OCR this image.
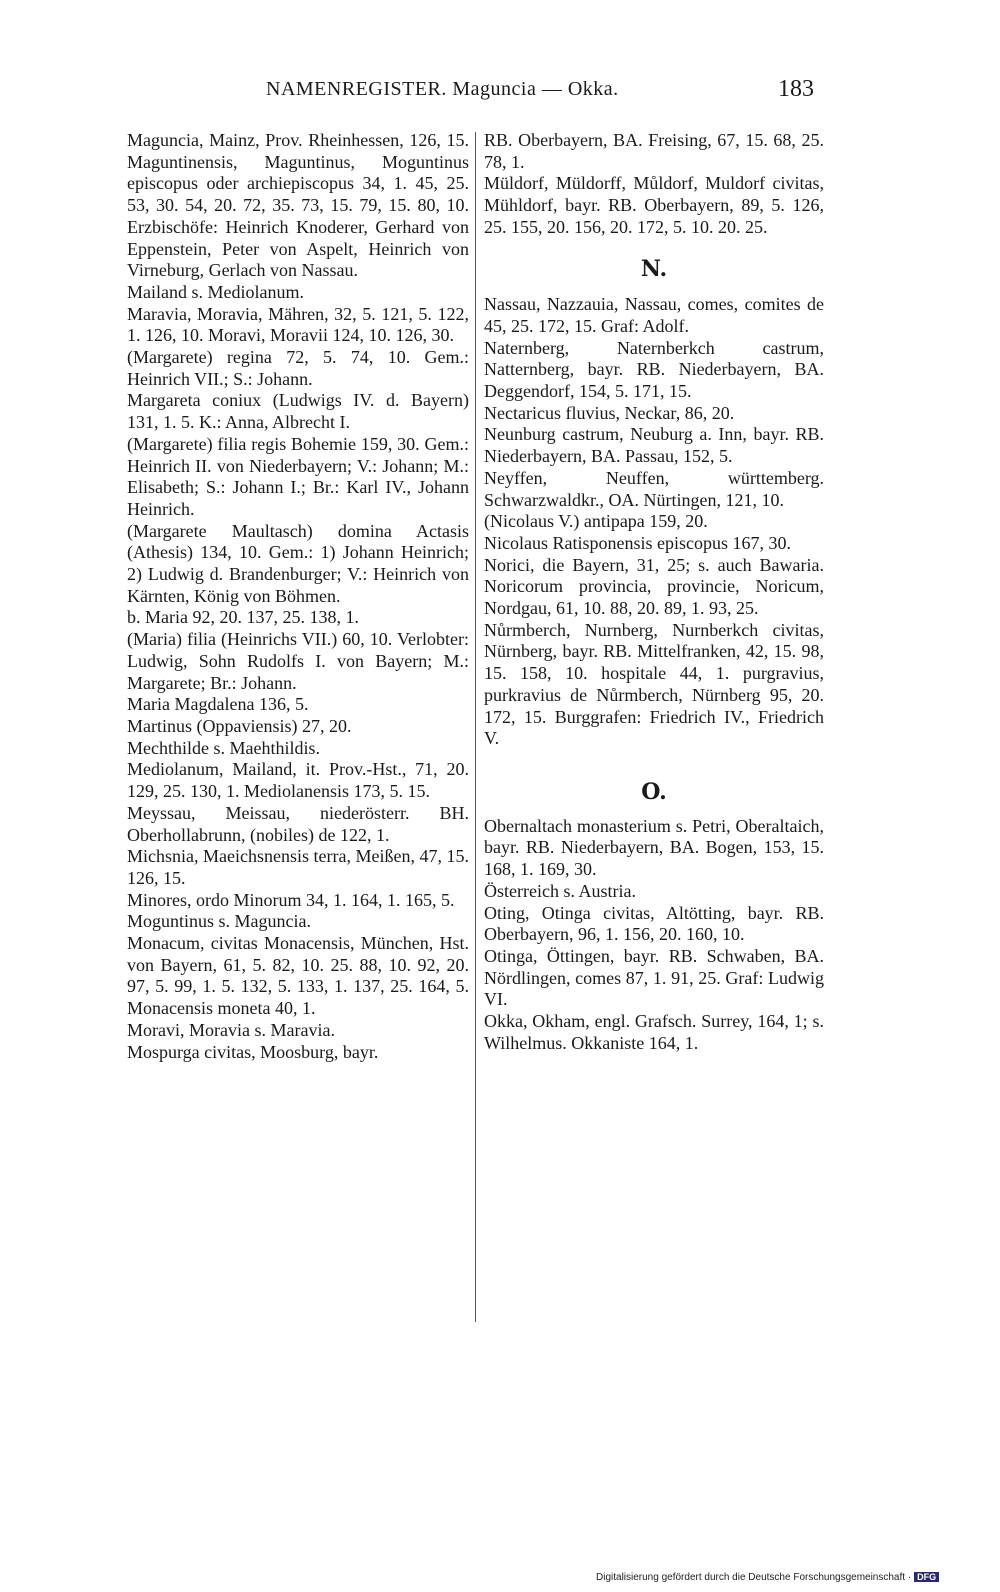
NAMENREGISTER. Maguncia — Okka.	183

Maguncia, Mainz, Prov. Rheinhessen, 126, 15. Maguntinensis, Maguntinus, Moguntinus episcopus oder archiepiscopus 34, 1. 45, 25. 53, 30. 54, 20. 72, 35. 73, 15. 79, 15. 80, 10. Erzbischöfe: Heinrich Knoderer, Gerhard von Eppenstein, Peter von Aspelt, Heinrich von Virneburg, Gerlach von Nassau.

Mailand s. Mediolanum.

Maravia, Moravia, Mähren, 32, 5. 121, 5. 122, 1. 126, 10. Moravi, Moravii 124, 10. 126, 30.

(Margarete) regina 72, 5. 74, 10. Gem.: Heinrich VII.; S.: Johann.

Margareta coniux (Ludwigs IV. d. Bayern) 131, 1. 5. K.: Anna, Albrecht I.

(Margarete) filia regis Bohemie 159, 30. Gem.: Heinrich II. von Niederbayern; V.: Johann; M.: Elisabeth; S.: Johann I.; Br.: Karl IV., Johann Heinrich.

(Margarete Maultasch) domina Actasis (Athesis) 134, 10. Gem.: 1) Johann Heinrich; 2) Ludwig d. Brandenburger; V.: Heinrich von Kärnten, König von Böhmen.

b. Maria 92, 20. 137, 25. 138, 1.

(Maria) filia (Heinrichs VII.) 60, 10. Verlobter: Ludwig, Sohn Rudolfs I. von Bayern; M.: Margarete; Br.: Johann.

Maria Magdalena 136, 5.

Martinus (Oppaviensis) 27, 20.

Mechthilde s. Maehthildis.

Mediolanum, Mailand, it. Prov.-Hst., 71, 20. 129, 25. 130, 1. Mediolanensis 173, 5. 15.

Meyssau, Meissau, niederösterr. BH. Oberhollabrunn, (nobiles) de 122, 1.

Michsnia, Maeichsnensis terra, Meißen, 47, 15. 126, 15.

Minores, ordo Minorum 34, 1. 164, 1. 165, 5.

Moguntinus s. Maguncia.

Monacum, civitas Monacensis, München, Hst. von Bayern, 61, 5. 82, 10. 25. 88, 10. 92, 20. 97, 5. 99, 1. 5. 132, 5. 133, 1. 137, 25. 164, 5. Monacensis moneta 40, 1.

Moravi, Moravia s. Maravia.

Mospurga civitas, Moosburg, bayr.

RB. Oberbayern, BA. Freising, 67, 15. 68, 25. 78, 1.

Müldorf, Müldorff, Můldorf, Muldorf civitas, Mühldorf, bayr. RB. Oberbayern, 89, 5. 126, 25. 155, 20. 156, 20. 172, 5. 10. 20. 25.

N.

Nassau, Nazzauia, Nassau, comes, comites de 45, 25. 172, 15. Graf: Adolf.

Naternberg, Naternberkch castrum, Natternberg, bayr. RB. Niederbayern, BA. Deggendorf, 154, 5. 171, 15.

Nectaricus fluvius, Neckar, 86, 20.

Neunburg castrum, Neuburg a. Inn, bayr. RB. Niederbayern, BA. Passau, 152, 5.

Neyffen, Neuffen, württemberg. Schwarzwaldkr., OA. Nürtingen, 121, 10.

(Nicolaus V.) antipapa 159, 20.

Nicolaus Ratisponensis episcopus 167, 30.

Norici, die Bayern, 31, 25; s. auch Bawaria. Noricorum provincia, provincie, Noricum, Nordgau, 61, 10. 88, 20. 89, 1. 93, 25.

Nůrmberch, Nurnberg, Nurnberkch civitas, Nürnberg, bayr. RB. Mittelfranken, 42, 15. 98, 15. 158, 10. hospitale 44, 1. purgravius, purkravius de Nůrmberch, Nürnberg 95, 20. 172, 15. Burggrafen: Friedrich IV., Friedrich V.

O.

Obernaltach monasterium s. Petri, Oberaltaich, bayr. RB. Niederbayern, BA. Bogen, 153, 15. 168, 1. 169, 30.

Österreich s. Austria.

Oting, Otinga civitas, Altötting, bayr. RB. Oberbayern, 96, 1. 156, 20. 160, 10.

Otinga, Öttingen, bayr. RB. Schwaben, BA. Nördlingen, comes 87, 1. 91, 25. Graf: Ludwig VI.

Okka, Okham, engl. Grafsch. Surrey, 164, 1; s. Wilhelmus. Okkaniste 164, 1.

Digitalisierung gefördert durch die Deutsche Forschungsgemeinschaft · DFG
